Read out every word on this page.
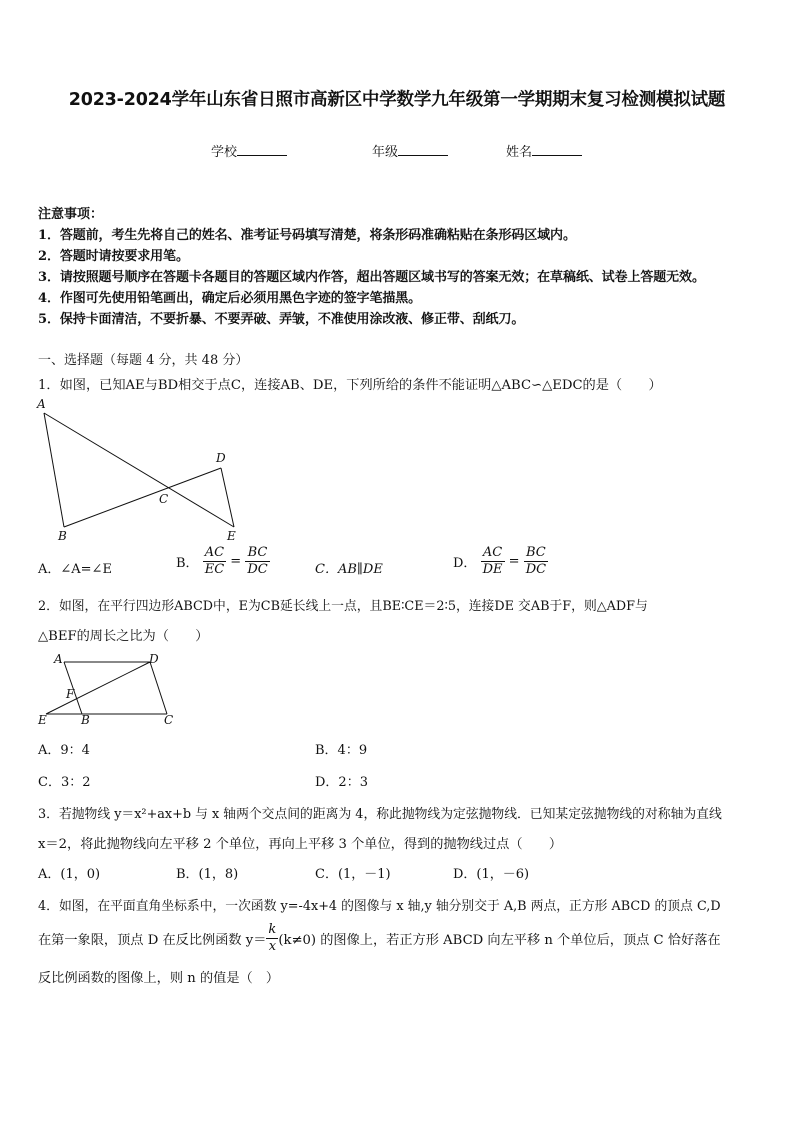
2023-2024学年山东省日照市高新区中学数学九年级第一学期期末复习检测模拟试题
学校	年级	姓名
注意事项：
1．答题前，考生先将自己的姓名、准考证号码填写清楚，将条形码准确粘贴在条形码区域内。
2．答题时请按要求用笔。
3．请按照题号顺序在答题卡各题目的答题区域内作答，超出答题区域书写的答案无效；在草稿纸、试卷上答题无效。
4．作图可先使用铅笔画出，确定后必须用黑色字迹的签字笔描黑。
5．保持卡面清洁，不要折暴、不要弄破、弄皱，不准使用涂改液、修正带、刮纸刀。
一、选择题（每题 4 分，共 48 分）
1．如图，已知AE与BD相交于点C，连接AB、DE，下列所给的条件不能证明△ABC∽△EDC的是（　　）
A
D
C
B	E
A．∠A=∠E	B． $\frac{AC}{EC} = \frac{BC}{DC}$	C．AB∥DE	D． $\frac{AC}{DE} = \frac{BC}{DC}$
2．如图，在平行四边形ABCD中，E为CB延长线上一点，且BE∶CE＝2∶5，连接DE 交AB于F，则△ADF与
△BEF的周长之比为（　　）
A	D
F
E	B	C
A．9：4	B．4：9
C．3：2	D．2：3
3．若抛物线 y＝x²+ax+b 与 x 轴两个交点间的距离为 4，称此抛物线为定弦抛物线．已知某定弦抛物线的对称轴为直线
x＝2，将此抛物线向左平移 2 个单位，再向上平移 3 个单位，得到的抛物线过点（　　）
A．(1，0)	B．(1，8)	C．(1，－1)	D．(1，－6)
4．如图，在平面直角坐标系中，一次函数 y=-4x+4 的图像与 x 轴,y 轴分别交于 A,B 两点，正方形 ABCD 的顶点 C,D
在第一象限，顶点 D 在反比例函数 $y= \frac{k}{x} (k\ne 0)$ 的图像上，若正方形 ABCD 向左平移 n 个单位后，顶点 C 恰好落在
反比例函数的图像上，则 n 的值是（　）
